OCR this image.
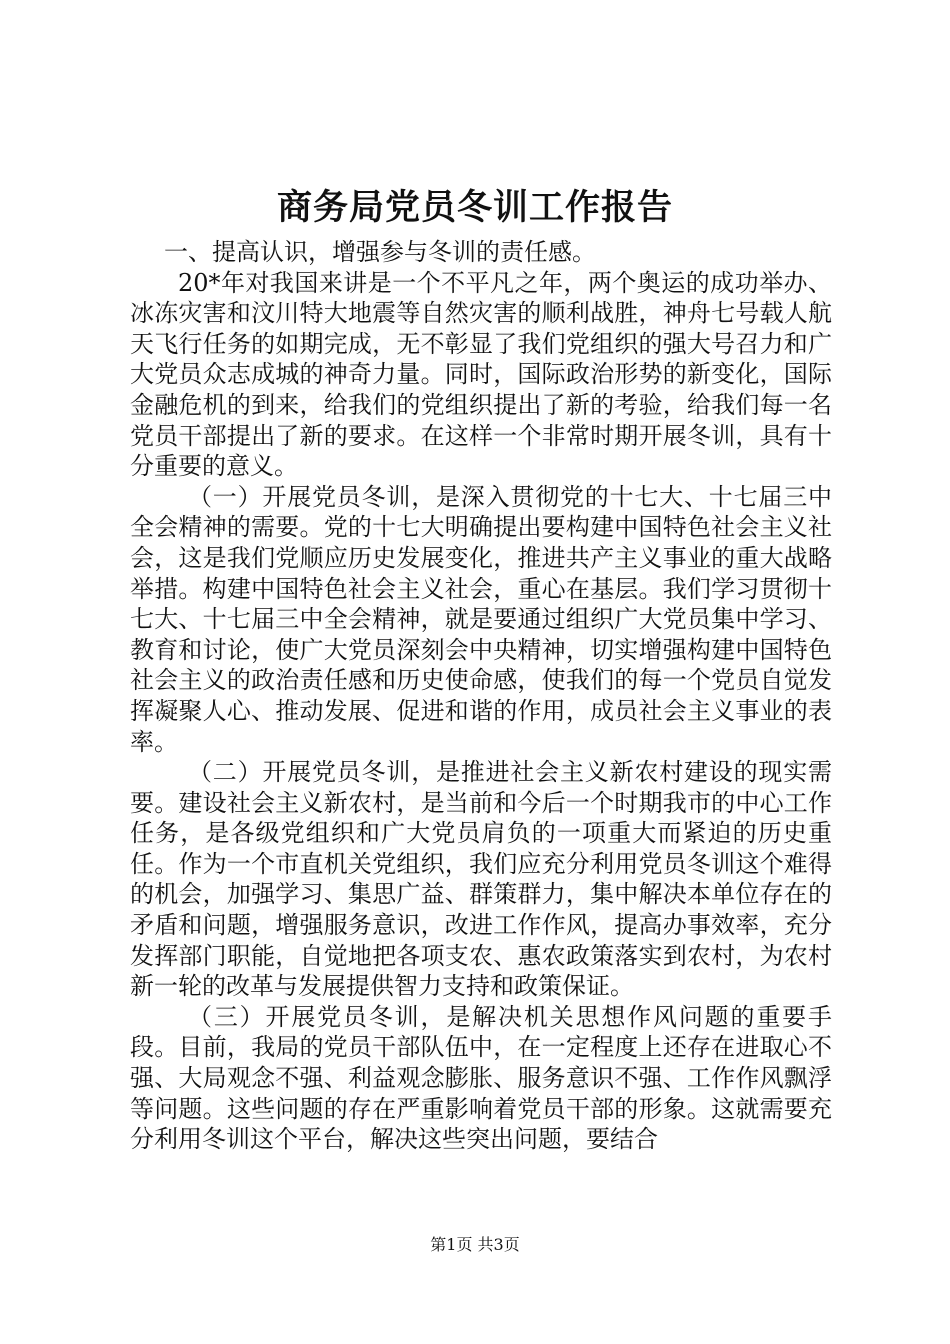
商务局党员冬训工作报告

一、提高认识，增强参与冬训的责任感。

20*年对我国来讲是一个不平凡之年，两个奥运的成功举办、冰冻灾害和汶川特大地震等自然灾害的顺利战胜，神舟七号载人航天飞行任务的如期完成，无不彰显了我们党组织的强大号召力和广大党员众志成城的神奇力量。同时，国际政治形势的新变化，国际金融危机的到来，给我们的党组织提出了新的考验，给我们每一名党员干部提出了新的要求。在这样一个非常时期开展冬训，具有十分重要的意义。

（一）开展党员冬训，是深入贯彻党的十七大、十七届三中全会精神的需要。党的十七大明确提出要构建中国特色社会主义社会，这是我们党顺应历史发展变化，推进共产主义事业的重大战略举措。构建中国特色社会主义社会，重心在基层。我们学习贯彻十七大、十七届三中全会精神，就是要通过组织广大党员集中学习、教育和讨论，使广大党员深刻会中央精神，切实增强构建中国特色社会主义的政治责任感和历史使命感，使我们的每一个党员自觉发挥凝聚人心、推动发展、促进和谐的作用，成员社会主义事业的表率。

（二）开展党员冬训，是推进社会主义新农村建设的现实需要。建设社会主义新农村，是当前和今后一个时期我市的中心工作任务，是各级党组织和广大党员肩负的一项重大而紧迫的历史重任。作为一个市直机关党组织，我们应充分利用党员冬训这个难得的机会，加强学习、集思广益、群策群力，集中解决本单位存在的矛盾和问题，增强服务意识，改进工作作风，提高办事效率，充分发挥部门职能，自觉地把各项支农、惠农政策落实到农村，为农村新一轮的改革与发展提供智力支持和政策保证。

（三）开展党员冬训，是解决机关思想作风问题的重要手段。目前，我局的党员干部队伍中，在一定程度上还存在进取心不强、大局观念不强、利益观念膨胀、服务意识不强、工作作风飘浮等问题。这些问题的存在严重影响着党员干部的形象。这就需要充分利用冬训这个平台，解决这些突出问题，要结合

第1页 共3页
